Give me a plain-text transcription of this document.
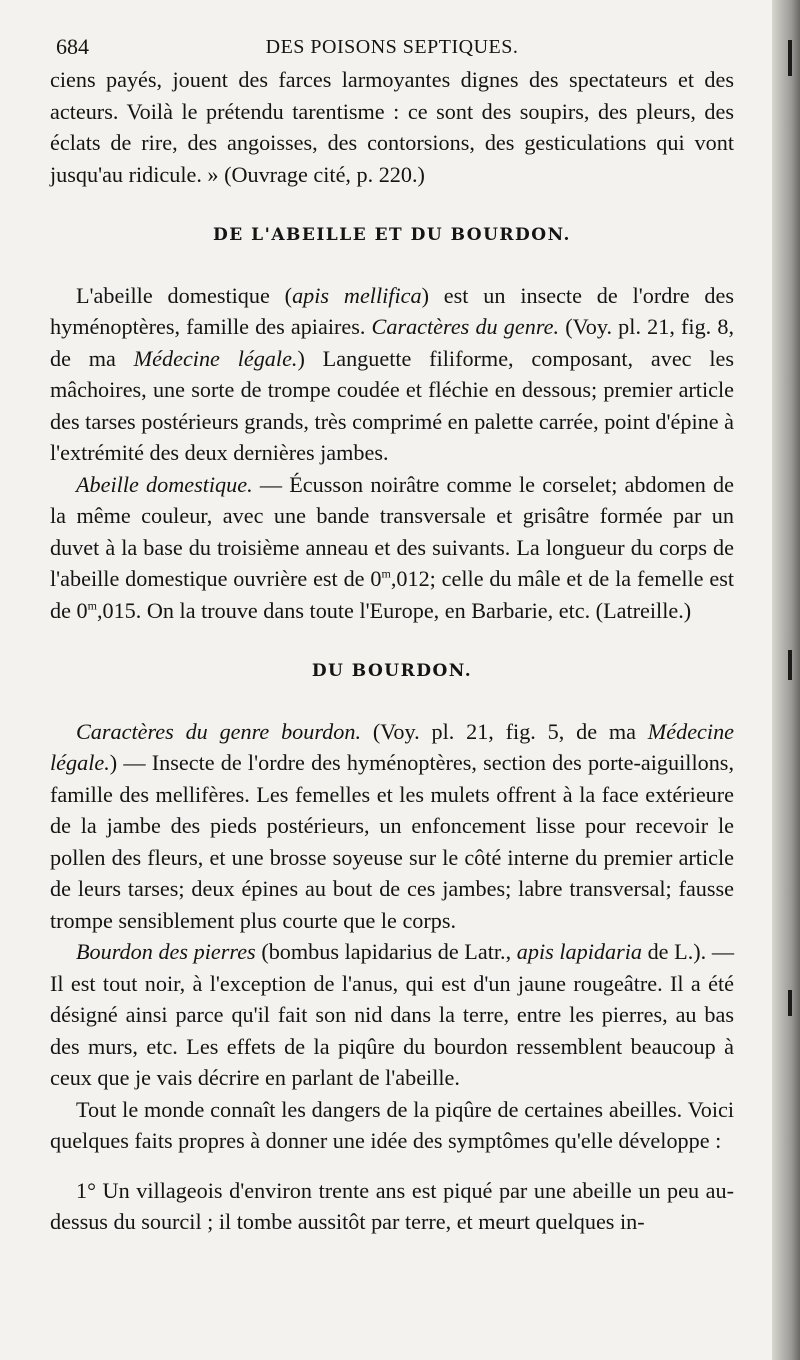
684	DES POISONS SEPTIQUES.

ciens payés, jouent des farces larmoyantes dignes des spectateurs et des acteurs. Voilà le prétendu tarentisme : ce sont des soupirs, des pleurs, des éclats de rire, des angoisses, des contorsions, des gesticulations qui vont jusqu'au ridicule. » (Ouvrage cité, p. 220.)

DE L'ABEILLE ET DU BOURDON.

L'abeille domestique (apis mellifica) est un insecte de l'ordre des hyménoptères, famille des apiaires. Caractères du genre. (Voy. pl. 21, fig. 8, de ma Médecine légale.) Languette filiforme, composant, avec les mâchoires, une sorte de trompe coudée et fléchie en dessous; premier article des tarses postérieurs grands, très comprimé en palette carrée, point d'épine à l'extrémité des deux dernières jambes.

Abeille domestique. — Écusson noirâtre comme le corselet; abdomen de la même couleur, avec une bande transversale et grisâtre formée par un duvet à la base du troisième anneau et des suivants. La longueur du corps de l'abeille domestique ouvrière est de 0$^m$,012; celle du mâle et de la femelle est de 0$^m$,015. On la trouve dans toute l'Europe, en Barbarie, etc. (Latreille.)

DU BOURDON.

Caractères du genre bourdon. (Voy. pl. 21, fig. 5, de ma Médecine légale.) — Insecte de l'ordre des hyménoptères, section des porte-aiguillons, famille des mellifères. Les femelles et les mulets offrent à la face extérieure de la jambe des pieds postérieurs, un enfoncement lisse pour recevoir le pollen des fleurs, et une brosse soyeuse sur le côté interne du premier article de leurs tarses; deux épines au bout de ces jambes; labre transversal; fausse trompe sensiblement plus courte que le corps.

Bourdon des pierres (bombus lapidarius de Latr., apis lapidaria de L.). — Il est tout noir, à l'exception de l'anus, qui est d'un jaune rougeâtre. Il a été désigné ainsi parce qu'il fait son nid dans la terre, entre les pierres, au bas des murs, etc. Les effets de la piqûre du bourdon ressemblent beaucoup à ceux que je vais décrire en parlant de l'abeille.

Tout le monde connaît les dangers de la piqûre de certaines abeilles. Voici quelques faits propres à donner une idée des symptômes qu'elle développe :

1° Un villageois d'environ trente ans est piqué par une abeille un peu au-dessus du sourcil ; il tombe aussitôt par terre, et meurt quelques in-
